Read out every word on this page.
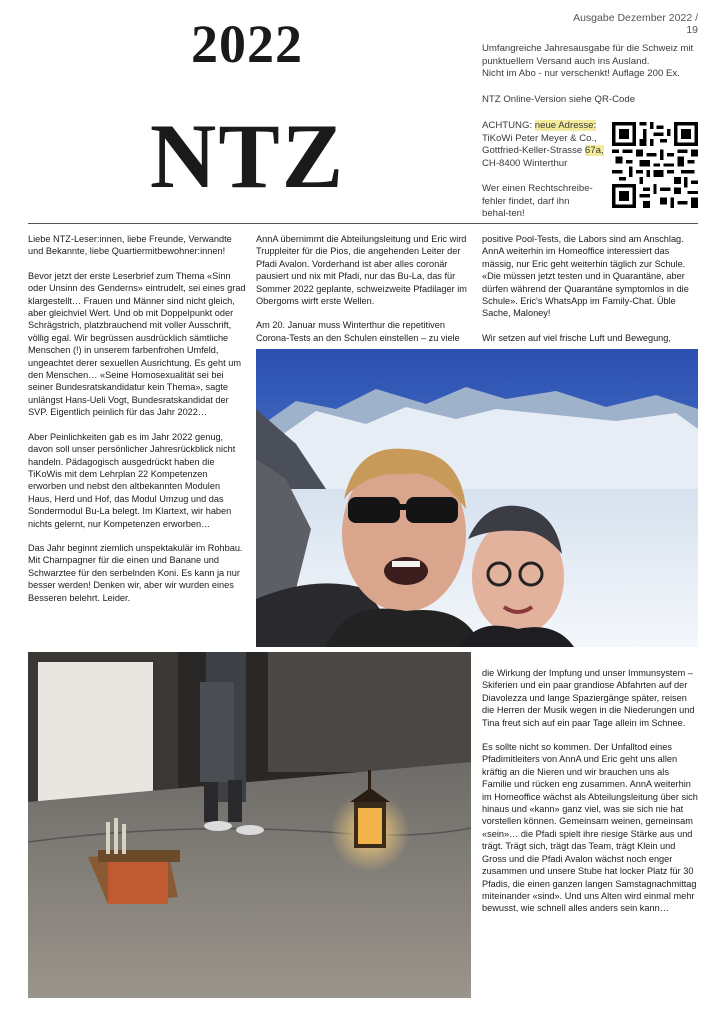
2022
NTZ
Ausgabe Dezember 2022 / 19
Umfangreiche Jahresausgabe für die Schweiz mit punktuellem Versand auch ins Ausland.
Nicht im Abo - nur verschenkt! Auflage 200 Ex.
NTZ Online-Version siehe QR-Code
ACHTUNG: neue Adresse:
TiKoWi Peter Meyer & Co.,
Gottfried-Keller-Strasse 67a,
CH-8400 Winterthur
Wer einen Rechtschreibe-fehler findet, darf ihn behal-ten!

Liebe NTZ-Leser:innen, liebe Freunde, Verwandte und Bekannte, liebe Quartiermitbewohner:innen!

Bevor jetzt der erste Leserbrief zum Thema «Sinn oder Unsinn des Genderns» eintrudelt, sei eines grad klargestellt… Frauen und Männer sind nicht gleich, aber gleichviel Wert. Und ob mit Doppelpunkt oder Schrägstrich, platzbrauchend mit voller Ausschrift, völlig egal. Wir begrüssen ausdrücklich sämtliche Menschen (!) in unserem farbenfrohen Umfeld, ungeachtet derer sexuellen Ausrichtung. Es geht um den Menschen… «Seine Homosexualität sei bei seiner Bundesratskandidatur kein Thema», sagte unlängst Hans-Ueli Vogt, Bundesratskandidat der SVP. Eigentlich peinlich für das Jahr 2022…

Aber Peinlichkeiten gab es im Jahr 2022 genug, davon soll unser persönlicher Jahresrückblick nicht handeln. Pädagogisch ausgedrückt haben die TiKoWis mit dem Lehrplan 22 Kompetenzen erworben und nebst den altbekannten Modulen Haus, Herd und Hof, das Modul Umzug und das Sondermodul Bu-La belegt. Im Klartext, wir haben nichts gelernt, nur Kompetenzen erworben…

Das Jahr beginnt ziemlich unspektakulär im Rohbau. Mit Champagner für die einen und Banane und Schwarztee für den serbelnden Koni. Es kann ja nur besser werden! Denken wir, aber wir wurden eines Besseren belehrt. Leider.

AnnA übernimmt die Abteilungsleitung und Eric wird Truppleiter für die Pios, die angehenden Leiter der Pfadi Avalon. Vorderhand ist aber alles coronär pausiert und nix mit Pfadi, nur das Bu-La, das für Sommer 2022 geplante, schweizweite Pfadilager im Obergoms wirft erste Wellen.

Am 20. Januar muss Winterthur die repetitiven Corona-Tests an den Schulen einstellen – zu viele

positive Pool-Tests, die Labors sind am Anschlag. AnnA weiterhin im Homeoffice interessiert das mässig, nur Eric geht weiterhin täglich zur Schule. «Die müssen jetzt testen und in Quarantäne, aber dürfen während der Quarantäne symptomlos in die Schule». Eric's WhatsApp im Family-Chat. Üble Sache, Maloney!

Wir setzen auf viel frische Luft und Bewegung,

die Wirkung der Impfung und unser Immunsystem – Skiferien und ein paar grandiose Abfahrten auf der Diavolezza und lange Spaziergänge später, reisen die Herren der Musik wegen in die Niederungen und Tina freut sich auf ein paar Tage allein im Schnee.

Es sollte nicht so kommen. Der Unfalltod eines Pfadimitleiters von AnnA und Eric geht uns allen kräftig an die Nieren und wir brauchen uns als Familie und rücken eng zusammen. AnnA weiterhin im Homeoffice wächst als Abteilungsleitung über sich hinaus und «kann» ganz viel, was sie sich nie hat vorstellen können. Gemeinsam weinen, gemeinsam «sein»… die Pfadi spielt ihre riesige Stärke aus und trägt. Trägt sich, trägt das Team, trägt Klein und Gross und die Pfadi Avalon wächst noch enger zusammen und unsere Stube hat locker Platz für 30 Pfadis, die einen ganzen langen Samstagnachmittag miteinander «sind». Und uns Alten wird einmal mehr bewusst, wie schnell alles anders sein kann…
